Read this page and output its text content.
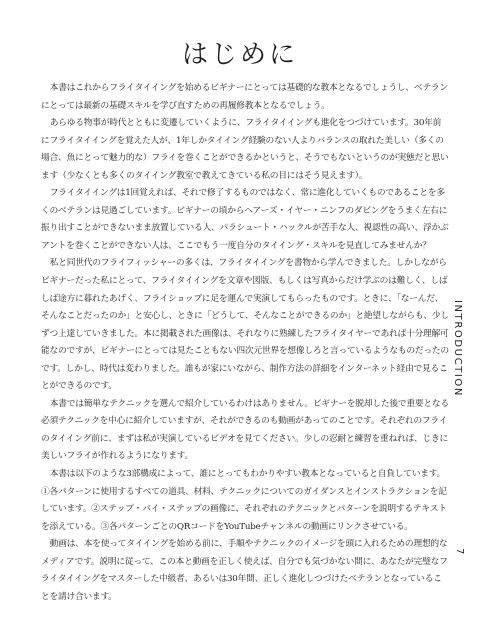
はじめに

本書はこれからフライタイイングを始めるビギナーにとっては基礎的な教本となるでしょうし、ベテランにとっては最新の基礎スキルを学び直すための再履修教本となるでしょう。

あらゆる物事が時代とともに変遷していくように、フライタイイングも進化をつづけています。30年前にフライタイイングを覚えた人が、1年しかタイイング経験のない人よりバランスの取れた美しい（多くの場合、魚にとって魅力的な）フライを巻くことができるかというと、そうでもないというのが実態だと思います（少なくとも多くのタイイング教室で教えてきている私の目にはそう見えます）。

フライタイイングは1回覚えれば、それで修了するものではなく、常に進化していくものであることを多くのベテランは見過ごしています。ビギナーの頃からヘアーズ・イヤー・ニンフのダビングをうまく左右に振り出すことができないまま放置している人、パラシュート・ハックルが苦手な人、視認性の高い、浮かぶアントを巻くことができない人は、ここでもう一度自分のタイイング・スキルを見直してみませんか？

私と同世代のフライフィッシャーの多くは、フライタイイングを書物から学んできました。しかしながらビギナーだった私にとって、フライタイイングを文章や図版、もしくは写真からだけ学ぶのは難しく、しばしば途方に暮れたあげく、フライショップに足を運んで実演してもらったものです。ときに、「なーんだ、そんなことだったのか」と安心し、ときに「どうして、そんなことができるのか」と絶望しながらも、少しずつ上達していきました。本に掲載された画像は、それなりに熟練したフライタイヤーであれば十分理解可能なのですが、ビギナーにとっては見たこともない四次元世界を想像しろと言っているようなものだったのです。しかし、時代は変わりました。誰もが家にいながら、制作方法の詳細をインターネット経由で見ることができるのです。

本書では簡単なテクニックを選んで紹介しているわけはありません。ビギナーを脱却した後で重要となる必須テクニックを中心に紹介していますが、それができるのも動画があってのことです。それぞれのフライのタイイング前に、まずは私が実演しているビデオを見てください。少しの忍耐と練習を重ねれば、じきに美しいフライが作れるようになります。

本書は以下のような3部構成によって、誰にとってもわかりやすい教本となっていると自負しています。①各パターンに使用するすべての道具、材料、テクニックについてのガイダンスとインストラクションを記しています。②ステップ・バイ・ステップの画像に、それぞれのテクニックとパターンを説明するテキストを添えている。③各パターンごとのQRコードをYouTubeチャンネルの動画にリンクさせている。

動画は、本を使ってタイイングを始める前に、手順やテクニックのイメージを頭に入れるための理想的なメディアです。説明に従って、この本と動画を正しく使えば、自分でも気づかない間に、あなたが完璧なフライタイイングをマスターした中級者、あるいは30年間、正しく進化しつづけたベテランとなっていることを請け合います。

INTRODUCTION
7
